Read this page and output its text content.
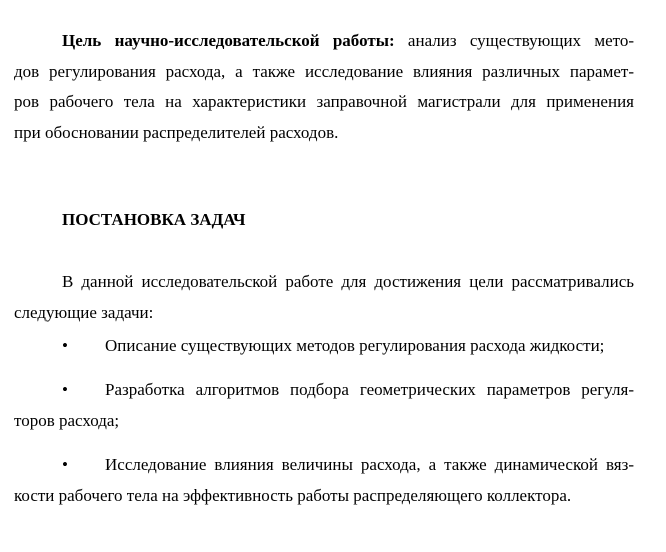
Цель научно-исследовательской работы: анализ существующих мето-
дов регулирования расхода, а также исследование влияния различных парамет-
ров рабочего тела на характеристики заправочной магистрали для применения
при обосновании распределителей расходов.
ПОСТАНОВКА ЗАДАЧ
В данной исследовательской работе для достижения цели рассматривались
следующие задачи:
• Описание существующих методов регулирования расхода жидкости;
• Разработка алгоритмов подбора геометрических параметров регуля-
торов расхода;
• Исследование влияния величины расхода, а также динамической вяз-
кости рабочего тела на эффективность работы распределяющего коллектора.
